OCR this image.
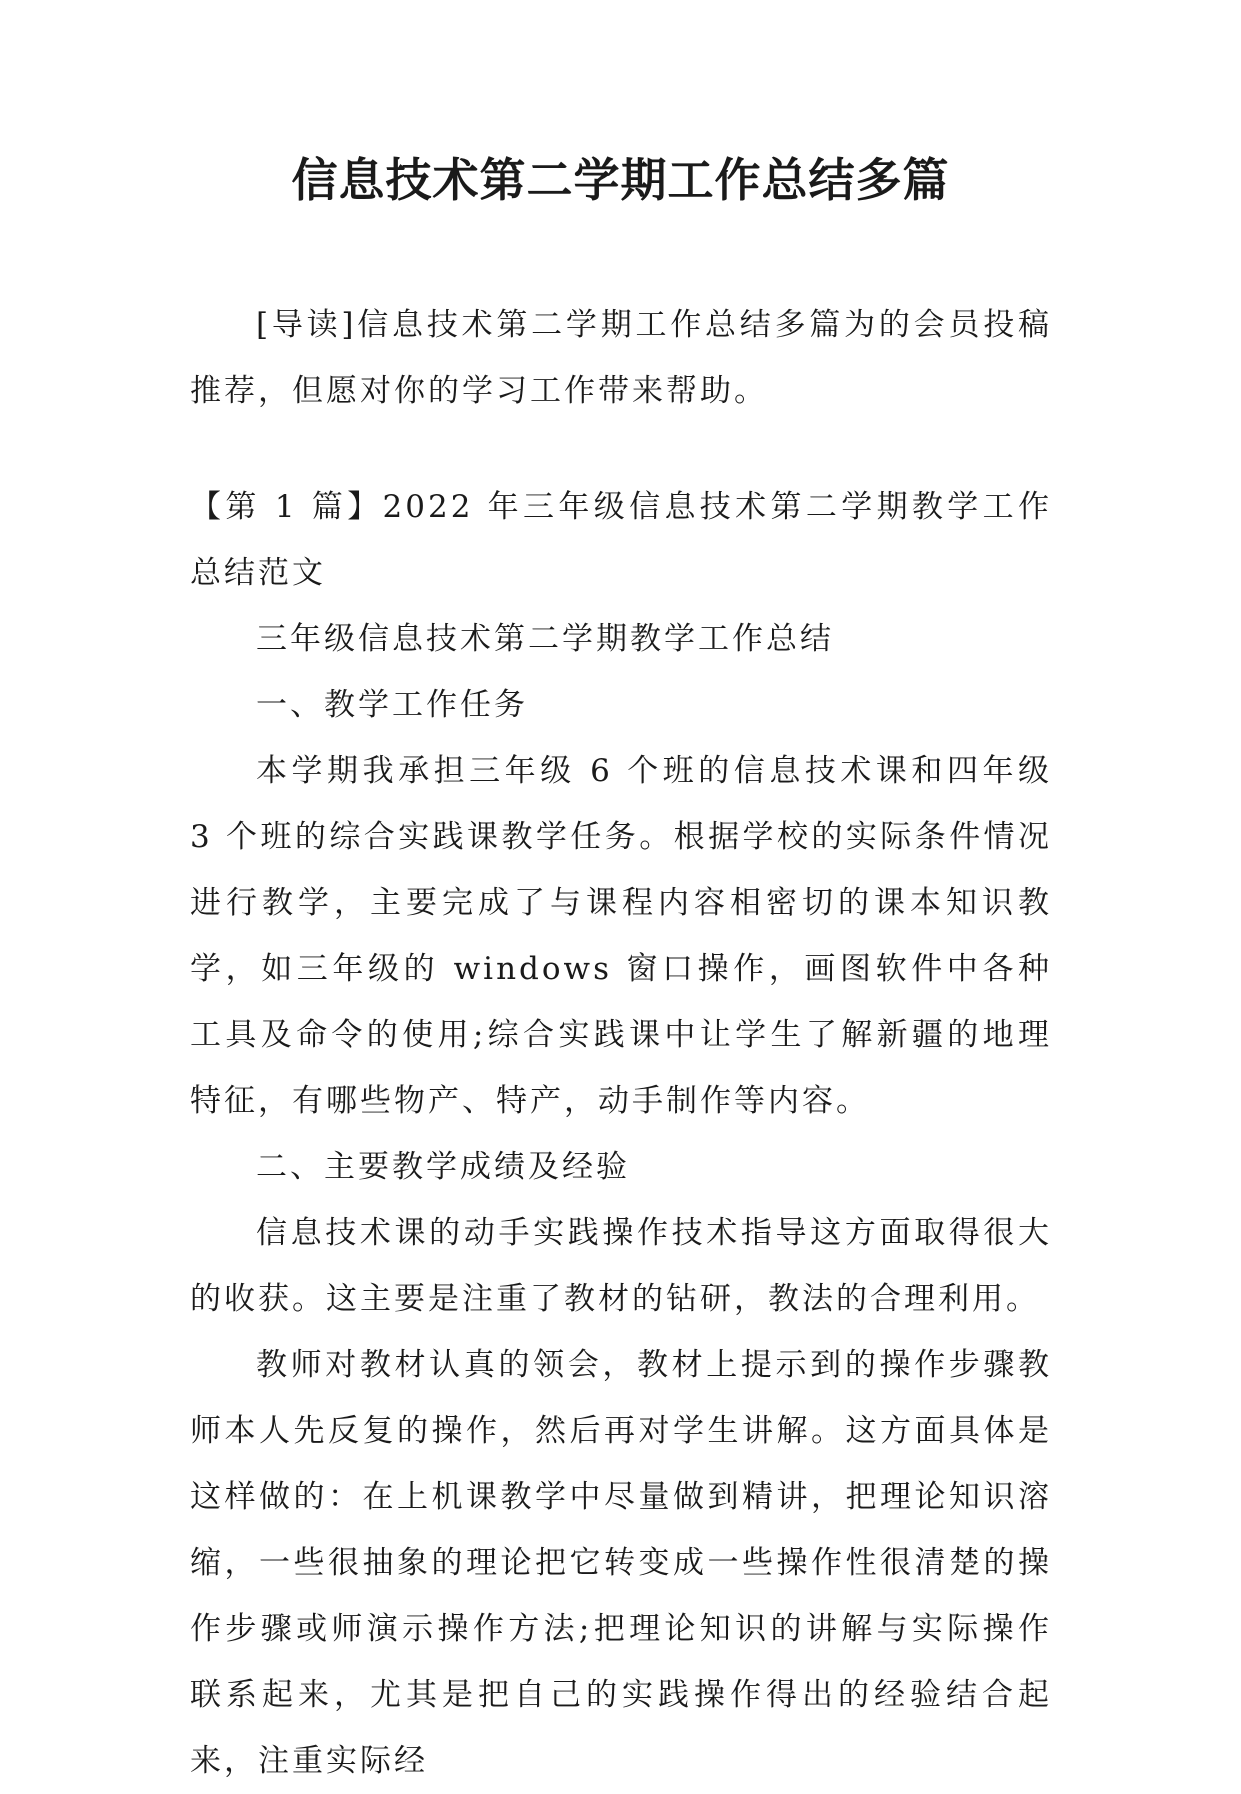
信息技术第二学期工作总结多篇

[导读]信息技术第二学期工作总结多篇为的会员投稿推荐，但愿对你的学习工作带来帮助。

【第 1 篇】2022 年三年级信息技术第二学期教学工作总结范文

三年级信息技术第二学期教学工作总结

一、教学工作任务

本学期我承担三年级 6 个班的信息技术课和四年级 3 个班的综合实践课教学任务。根据学校的实际条件情况进行教学，主要完成了与课程内容相密切的课本知识教学，如三年级的 windows 窗口操作，画图软件中各种工具及命令的使用;综合实践课中让学生了解新疆的地理特征，有哪些物产、特产，动手制作等内容。

二、主要教学成绩及经验

信息技术课的动手实践操作技术指导这方面取得很大的收获。这主要是注重了教材的钻研，教法的合理利用。

教师对教材认真的领会，教材上提示到的操作步骤教师本人先反复的操作，然后再对学生讲解。这方面具体是这样做的：在上机课教学中尽量做到精讲，把理论知识溶缩，一些很抽象的理论把它转变成一些操作性很清楚的操作步骤或师演示操作方法;把理论知识的讲解与实际操作联系起来，尤其是把自己的实践操作得出的经验结合起来，注重实际经
